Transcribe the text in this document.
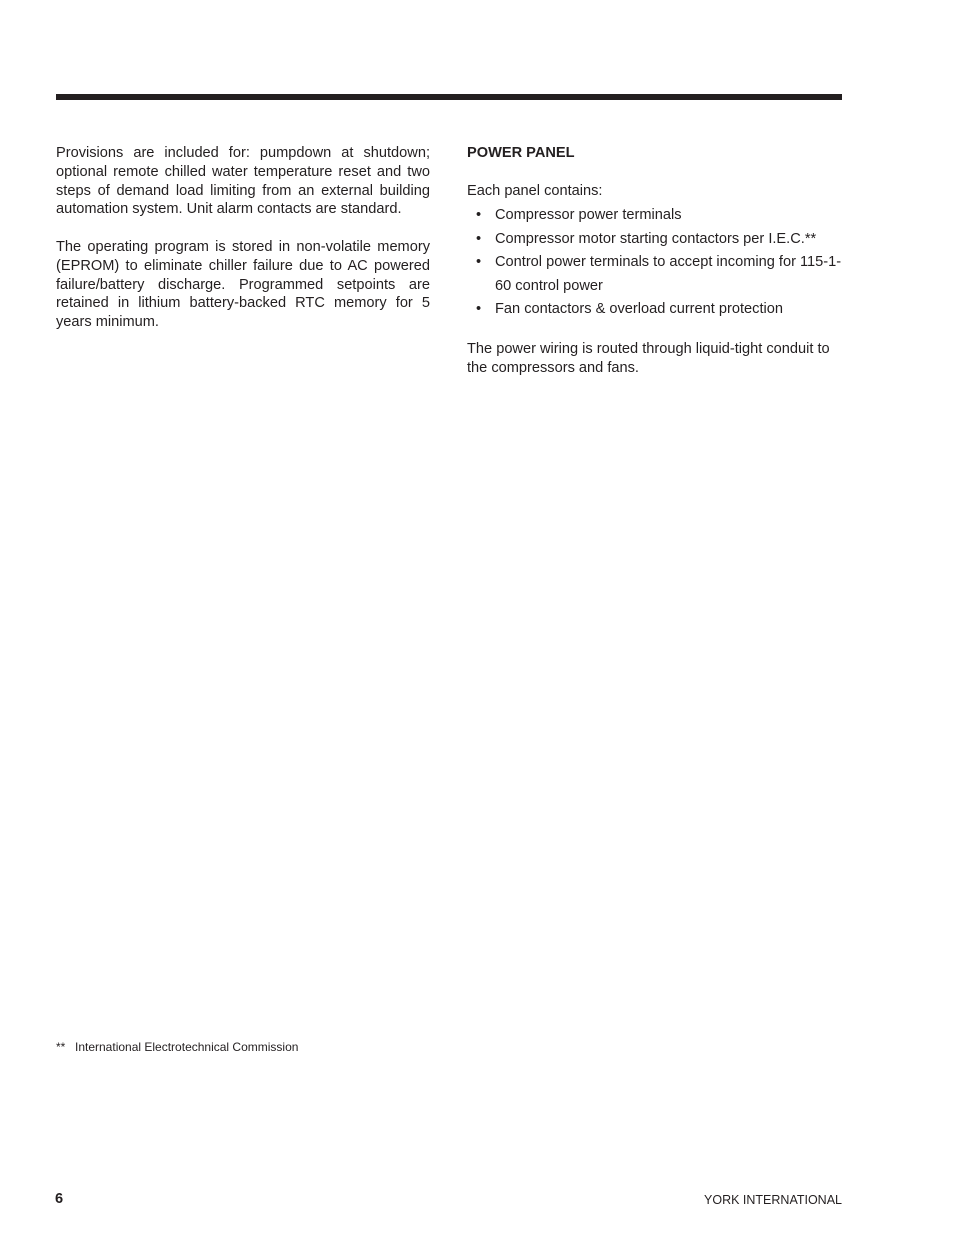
Provisions are included for: pumpdown at shutdown; optional remote chilled water temperature reset and two steps of demand load limiting from an external building automation system. Unit alarm contacts are standard.

The operating program is stored in non-volatile memory (EPROM) to eliminate chiller failure due to AC powered failure/battery discharge. Programmed setpoints are retained in lithium battery-backed RTC memory for 5 years minimum.

POWER PANEL

Each panel contains:

• Compressor power terminals
• Compressor motor starting contactors per I.E.C.**
• Control power terminals to accept incoming for 115-1-60 control power
• Fan contactors & overload current protection

The power wiring is routed through liquid-tight conduit to the compressors and fans.

** International Electrotechnical Commission
6	YORK INTERNATIONAL
